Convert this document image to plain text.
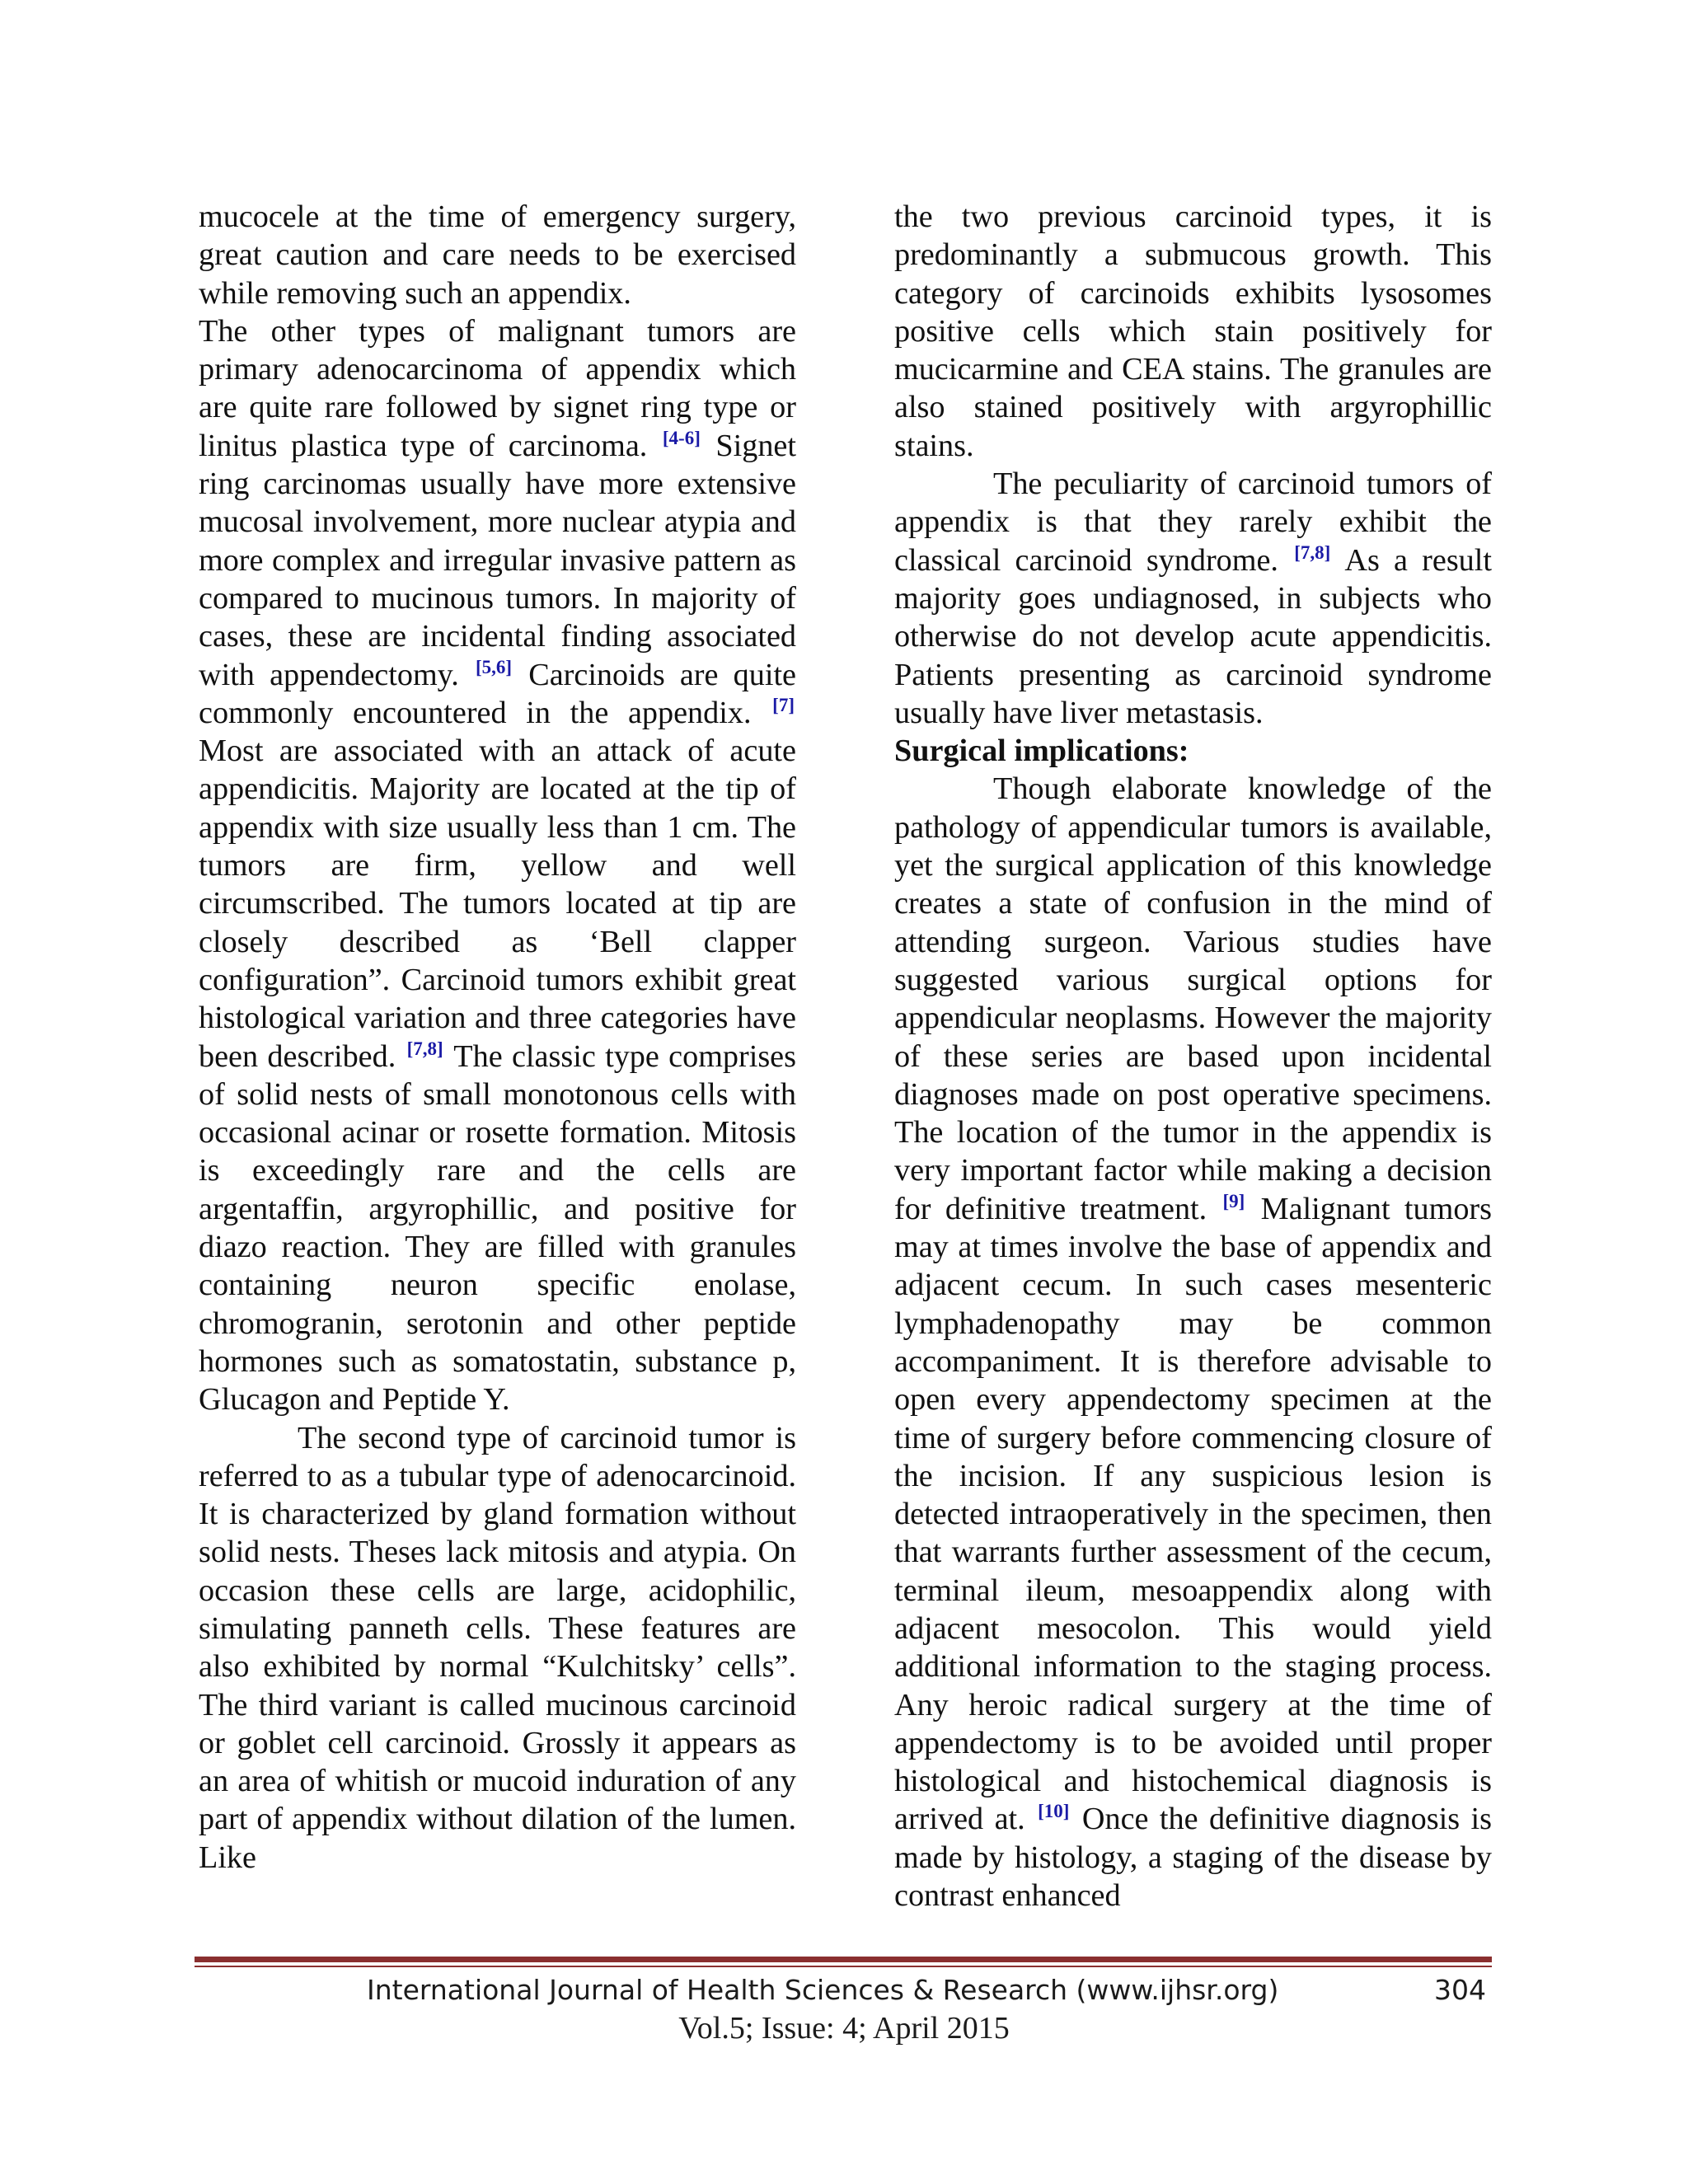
mucocele at the time of emergency surgery, great caution and care needs to be exercised while removing such an appendix.

The other types of malignant tumors are primary adenocarcinoma of appendix which are quite rare followed by signet ring type or linitus plastica type of carcinoma. [4-6] Signet ring carcinomas usually have more extensive mucosal involvement, more nuclear atypia and more complex and irregular invasive pattern as compared to mucinous tumors. In majority of cases, these are incidental finding associated with appendectomy. [5,6] Carcinoids are quite commonly encountered in the appendix. [7] Most are associated with an attack of acute appendicitis. Majority are located at the tip of appendix with size usually less than 1 cm. The tumors are firm, yellow and well circumscribed. The tumors located at tip are closely described as ‘Bell clapper configuration”. Carcinoid tumors exhibit great histological variation and three categories have been described. [7,8] The classic type comprises of solid nests of small monotonous cells with occasional acinar or rosette formation. Mitosis is exceedingly rare and the cells are argentaffin, argyrophillic, and positive for diazo reaction. They are filled with granules containing neuron specific enolase, chromogranin, serotonin and other peptide hormones such as somatostatin, substance p, Glucagon and Peptide Y.

The second type of carcinoid tumor is referred to as a tubular type of adenocarcinoid. It is characterized by gland formation without solid nests. Theses lack mitosis and atypia. On occasion these cells are large, acidophilic, simulating panneth cells. These features are also exhibited by normal “Kulchitsky’ cells”. The third variant is called mucinous carcinoid or goblet cell carcinoid. Grossly it appears as an area of whitish or mucoid induration of any part of appendix without dilation of the lumen. Like

the two previous carcinoid types, it is predominantly a submucous growth. This category of carcinoids exhibits lysosomes positive cells which stain positively for mucicarmine and CEA stains. The granules are also stained positively with argyrophillic stains.

The peculiarity of carcinoid tumors of appendix is that they rarely exhibit the classical carcinoid syndrome. [7,8] As a result majority goes undiagnosed, in subjects who otherwise do not develop acute appendicitis. Patients presenting as carcinoid syndrome usually have liver metastasis.

Surgical implications:

Though elaborate knowledge of the pathology of appendicular tumors is available, yet the surgical application of this knowledge creates a state of confusion in the mind of attending surgeon. Various studies have suggested various surgical options for appendicular neoplasms. However the majority of these series are based upon incidental diagnoses made on post operative specimens. The location of the tumor in the appendix is very important factor while making a decision for definitive treatment. [9] Malignant tumors may at times involve the base of appendix and adjacent cecum. In such cases mesenteric lymphadenopathy may be common accompaniment. It is therefore advisable to open every appendectomy specimen at the time of surgery before commencing closure of the incision. If any suspicious lesion is detected intraoperatively in the specimen, then that warrants further assessment of the cecum, terminal ileum, mesoappendix along with adjacent mesocolon. This would yield additional information to the staging process. Any heroic radical surgery at the time of appendectomy is to be avoided until proper histological and histochemical diagnosis is arrived at. [10] Once the definitive diagnosis is made by histology, a staging of the disease by contrast enhanced

International Journal of Health Sciences & Research (www.ijhsr.org)	304
Vol.5; Issue: 4; April 2015
